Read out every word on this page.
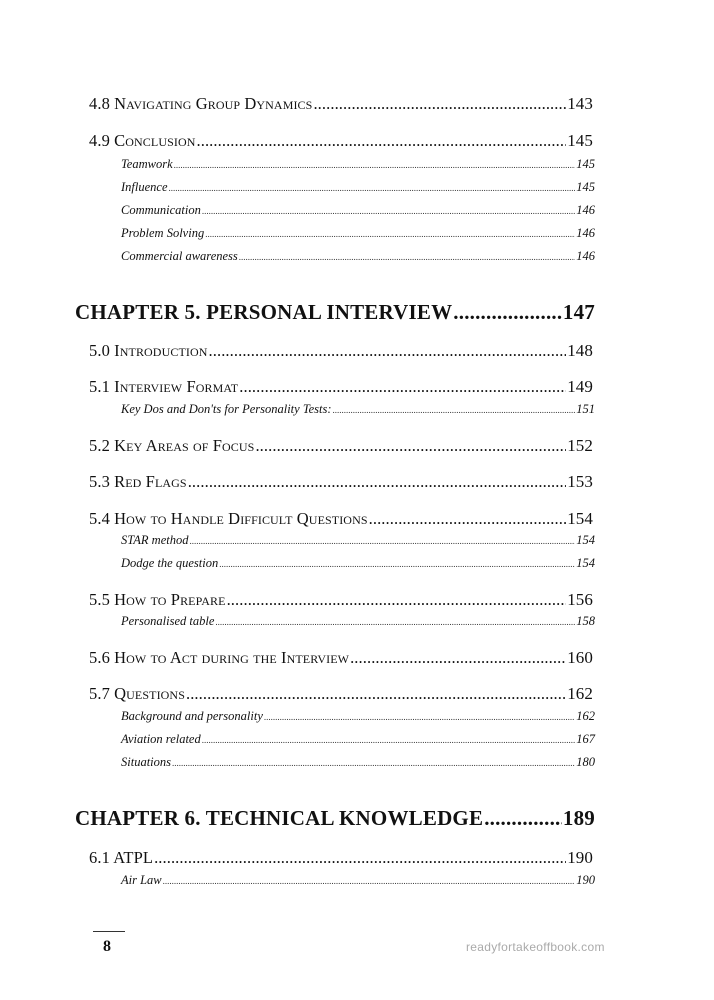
4.8 Navigating Group Dynamics .....	143
4.9 Conclusion .....	145
Teamwork .....	145
Influence .....	145
Communication .....	146
Problem Solving .....	146
Commercial awareness .....	146
CHAPTER 5. PERSONAL INTERVIEW .....	147
5.0 Introduction .....	148
5.1 Interview Format .....	149
Key Dos and Don'ts for Personality Tests: .....	151
5.2 Key Areas of Focus .....	152
5.3 Red Flags .....	153
5.4 How to Handle Difficult Questions .....	154
STAR method .....	154
Dodge the question .....	154
5.5 How to Prepare .....	156
Personalised table .....	158
5.6 How to Act during the Interview .....	160
5.7 Questions .....	162
Background and personality .....	162
Aviation related .....	167
Situations .....	180
CHAPTER 6. TECHNICAL KNOWLEDGE .....	189
6.1 ATPL .....	190
Air Law .....	190
8	readyfortakeoffbook.com
